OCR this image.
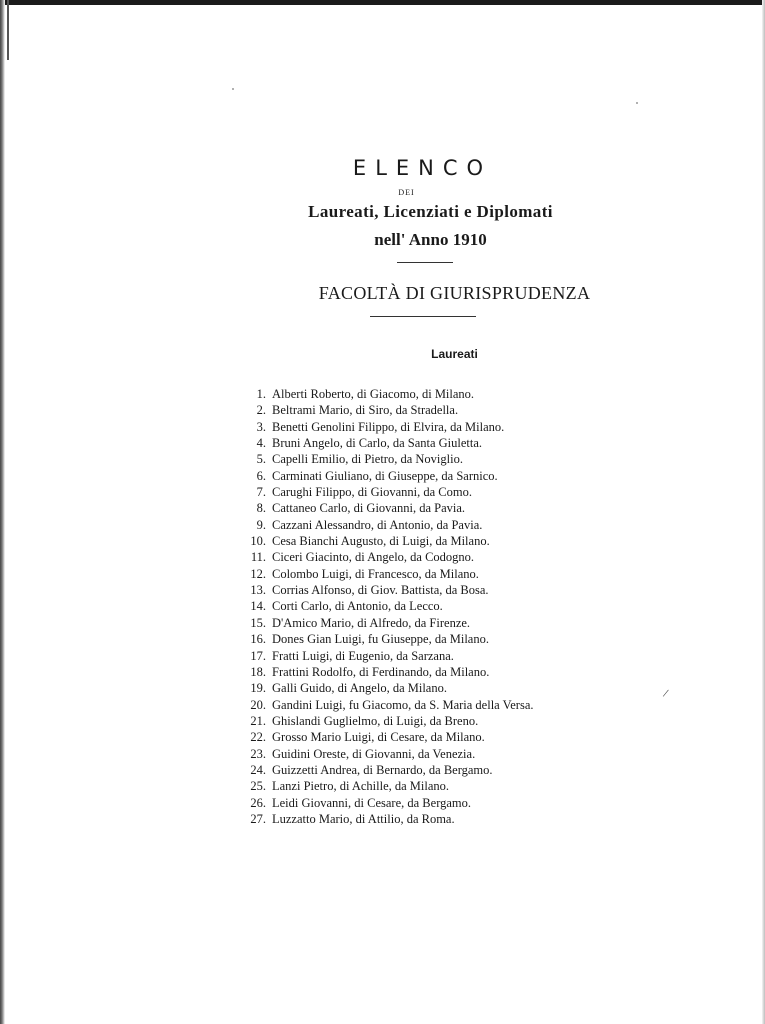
ELENCO
DEI
Laureati, Licenziati e Diplomati
nell' Anno 1910
FACOLTÀ DI GIURISPRUDENZA
Laureati
1. Alberti Roberto, di Giacomo, di Milano.
2. Beltrami Mario, di Siro, da Stradella.
3. Benetti Genolini Filippo, di Elvira, da Milano.
4. Bruni Angelo, di Carlo, da Santa Giuletta.
5. Capelli Emilio, di Pietro, da Noviglio.
6. Carminati Giuliano, di Giuseppe, da Sarnico.
7. Carughi Filippo, di Giovanni, da Como.
8. Cattaneo Carlo, di Giovanni, da Pavia.
9. Cazzani Alessandro, di Antonio, da Pavia.
10. Cesa Bianchi Augusto, di Luigi, da Milano.
11. Ciceri Giacinto, di Angelo, da Codogno.
12. Colombo Luigi, di Francesco, da Milano.
13. Corrias Alfonso, di Giov. Battista, da Bosa.
14. Corti Carlo, di Antonio, da Lecco.
15. D'Amico Mario, di Alfredo, da Firenze.
16. Dones Gian Luigi, fu Giuseppe, da Milano.
17. Fratti Luigi, di Eugenio, da Sarzana.
18. Frattini Rodolfo, di Ferdinando, da Milano.
19. Galli Guido, di Angelo, da Milano.
20. Gandini Luigi, fu Giacomo, da S. Maria della Versa.
21. Ghislandi Guglielmo, di Luigi, da Breno.
22. Grosso Mario Luigi, di Cesare, da Milano.
23. Guidini Oreste, di Giovanni, da Venezia.
24. Guizzetti Andrea, di Bernardo, da Bergamo.
25. Lanzi Pietro, di Achille, da Milano.
26. Leidi Giovanni, di Cesare, da Bergamo.
27. Luzzatto Mario, di Attilio, da Roma.
/
